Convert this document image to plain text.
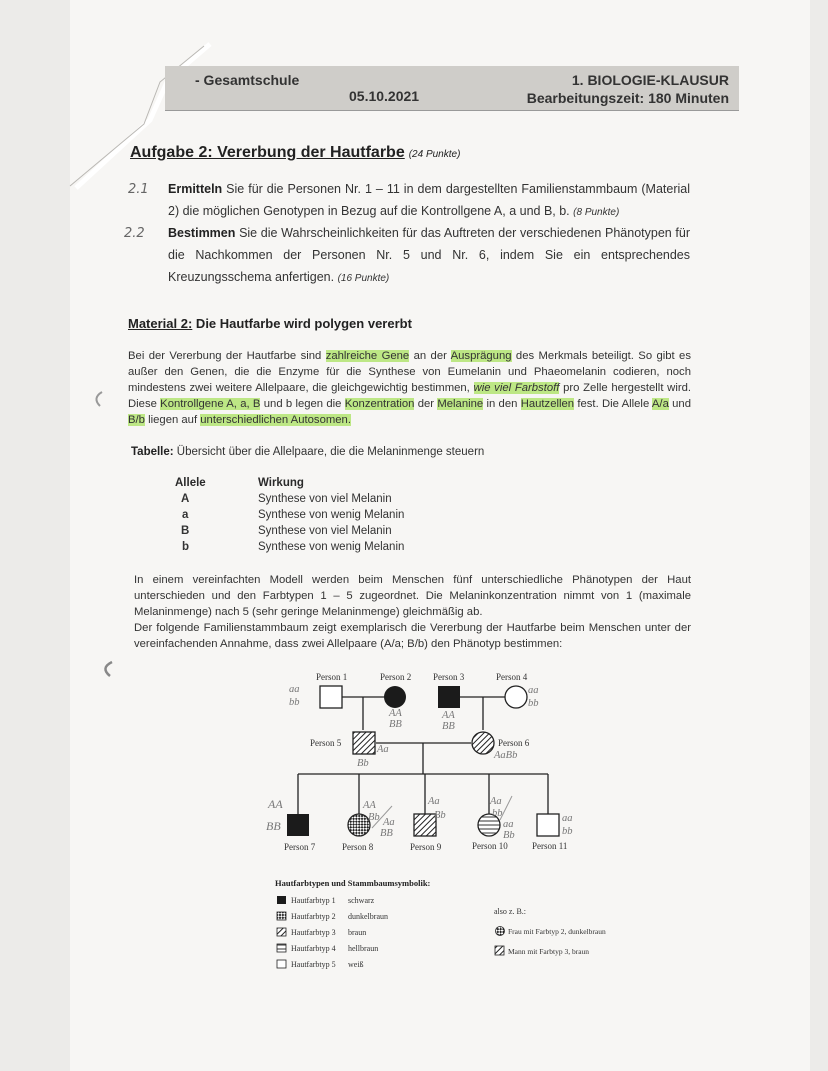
- Gesamtschule
05.10.2021
1. BIOLOGIE-KLAUSUR
Bearbeitungszeit: 180 Minuten
Aufgabe 2: Vererbung der Hautfarbe (24 Punkte)
2.1 Ermitteln Sie für die Personen Nr. 1 – 11 in dem dargestellten Familienstammbaum (Material 2) die möglichen Genotypen in Bezug auf die Kontrollgene A, a und B, b. (8 Punkte)
2.2 Bestimmen Sie die Wahrscheinlichkeiten für das Auftreten der verschiedenen Phänotypen für die Nachkommen der Personen Nr. 5 und Nr. 6, indem Sie ein entsprechendes Kreuzungsschema anfertigen. (16 Punkte)
Material 2: Die Hautfarbe wird polygen vererbt
Bei der Vererbung der Hautfarbe sind zahlreiche Gene an der Ausprägung des Merkmals beteiligt. So gibt es außer den Genen, die die Enzyme für die Synthese von Eumelanin und Phaeomelanin codieren, noch mindestens zwei weitere Allelpaare, die gleichgewichtig bestimmen, wie viel Farbstoff pro Zelle hergestellt wird. Diese Kontrollgene A, a, B und b legen die Konzentration der Melanine in den Hautzellen fest. Die Allele A/a und B/b liegen auf unterschiedlichen Autosomen.
Tabelle: Übersicht über die Allelpaare, die die Melaninmenge steuern
Allele	Wirkung
A	Synthese von viel Melanin
a	Synthese von wenig Melanin
B	Synthese von viel Melanin
b	Synthese von wenig Melanin
In einem vereinfachten Modell werden beim Menschen fünf unterschiedliche Phänotypen der Haut unterschieden und den Farbtypen 1 – 5 zugeordnet. Die Melaninkonzentration nimmt von 1 (maximale Melaninmenge) nach 5 (sehr geringe Melaninmenge) gleichmäßig ab.
Der folgende Familienstammbaum zeigt exemplarisch die Vererbung der Hautfarbe beim Menschen unter der vereinfachenden Annahme, dass zwei Allelpaare (A/a; B/b) den Phänotyp bestimmen:
Person 1	Person 2 Person 3	Person 4
Person 5	Person 6
Person 7	Person 8	Person 9	Person 10	Person 11
aa
bb
AA
BB
AA
BB
aa
bb
Aa
Bb
AaBb
AA
BB
AA
Bb Aa
BB
Aa
Bb
Aa
bb
aa
Bb
aa
bb
Hautfarbtypen und Stammbaumsymbolik:
Hautfarbtyp 1 schwarz
Hautfarbtyp 2 dunkelbraun
Hautfarbtyp 3 braun
Hautfarbtyp 4 hellbraun
Hautfarbtyp 5 weiß
also z. B.:
Frau mit Farbtyp 2, dunkelbraun
Mann mit Farbtyp 3, braun
